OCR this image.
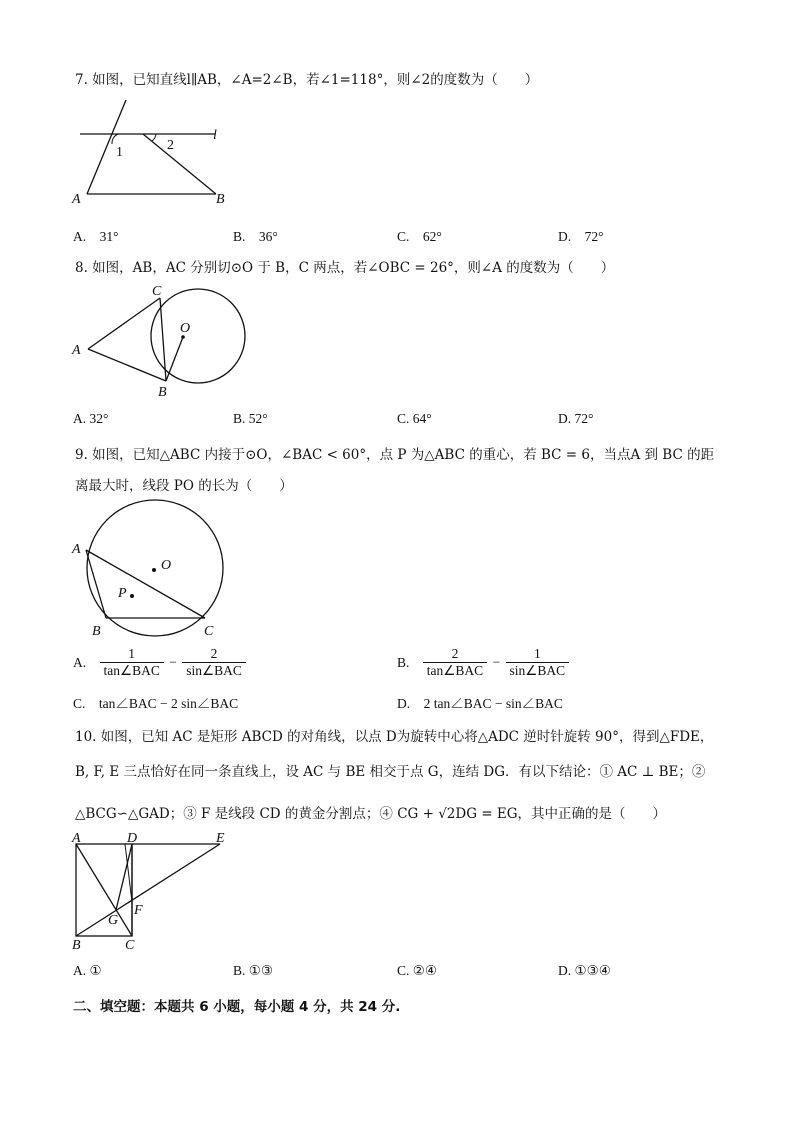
7. 如图，已知直线l∥AB，∠A=2∠B，若∠1=118°，则∠2的度数为（　　）
l
1	2
A	B
A.　31°	B.　36°	C.　62°	D.　72°
8. 如图，AB，AC 分别切⊙O 于 B，C 两点，若∠OBC = 26°，则∠A 的度数为（　　）
C
O
A
B
A. 32°	B. 52°	C. 64°	D. 72°
9. 如图，已知△ABC 内接于⊙O，∠BAC < 60°，点 P 为△ABC 的重心，若 BC = 6，当点A 到 BC 的距
离最大时，线段 PO 的长为（　　）
A
O
P
B	C
A. $\frac{1}{\text{tan∠BAC}} - \frac{2}{\text{sin∠BAC}}$	B. $\frac{2}{\text{tan∠BAC}} - \frac{1}{\text{sin∠BAC}}$
C.　tan∠BAC − 2 sin∠BAC	D.　2 tan∠BAC − sin∠BAC
10. 如图，已知 AC 是矩形 ABCD 的对角线，以点 D为旋转中心将△ADC 逆时针旋转 90°，得到△FDE，
B, F, E 三点恰好在同一条直线上，设 AC 与 BE 相交于点 G，连结 DG．有以下结论：① AC ⊥ BE；②
△BCG∽△GAD；③ F 是线段 CD 的黄金分割点；④ CG + √2DG = EG，其中正确的是（　　）
A	D	E
G
F
B	C
A. ①	B. ①③	C. ②④	D. ①③④
二、填空题：本题共 6 小题，每小题 4 分，共 24 分.
